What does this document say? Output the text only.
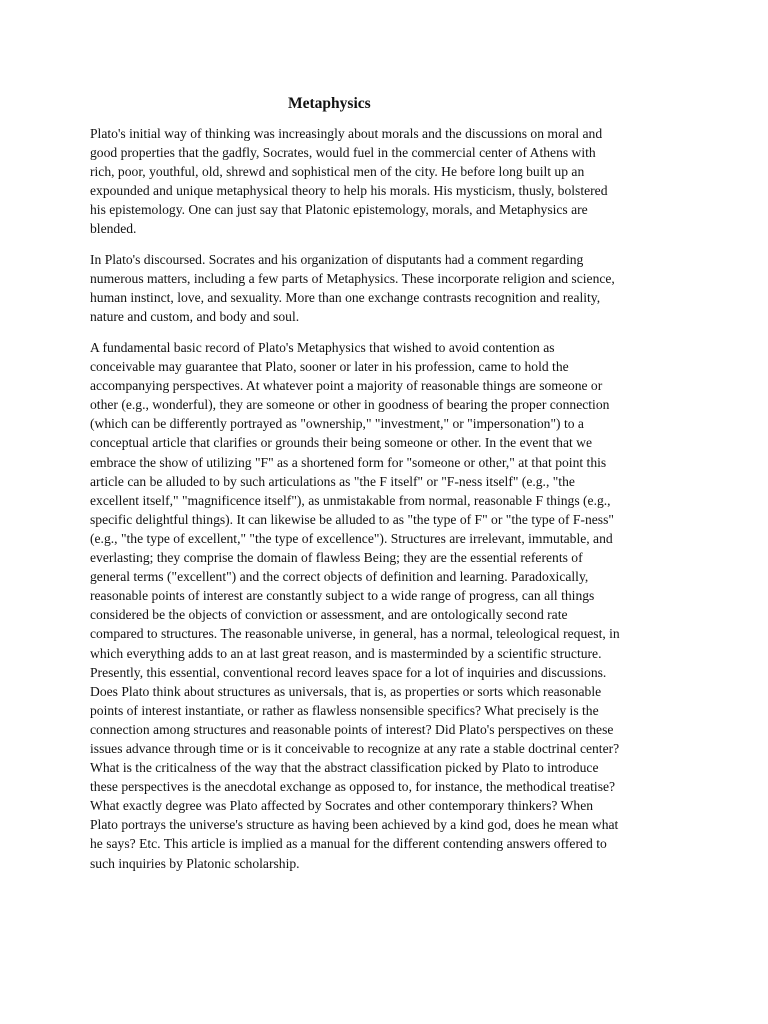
Metaphysics

Plato's initial way of thinking was increasingly about morals and the discussions on moral and
good properties that the gadfly, Socrates, would fuel in the commercial center of Athens with
rich, poor, youthful, old, shrewd and sophistical men of the city. He before long built up an
expounded and unique metaphysical theory to help his morals. His mysticism, thusly, bolstered
his epistemology. One can just say that Platonic epistemology, morals, and Metaphysics are
blended.

In Plato's discoursed. Socrates and his organization of disputants had a comment regarding
numerous matters, including a few parts of Metaphysics. These incorporate religion and science,
human instinct, love, and sexuality. More than one exchange contrasts recognition and reality,
nature and custom, and body and soul.

A fundamental basic record of Plato's Metaphysics that wished to avoid contention as
conceivable may guarantee that Plato, sooner or later in his profession, came to hold the
accompanying perspectives. At whatever point a majority of reasonable things are someone or
other (e.g., wonderful), they are someone or other in goodness of bearing the proper connection
(which can be differently portrayed as "ownership," "investment," or "impersonation") to a
conceptual article that clarifies or grounds their being someone or other. In the event that we
embrace the show of utilizing "F" as a shortened form for "someone or other," at that point this
article can be alluded to by such articulations as "the F itself" or "F-ness itself" (e.g., "the
excellent itself," "magnificence itself"), as unmistakable from normal, reasonable F things (e.g.,
specific delightful things). It can likewise be alluded to as "the type of F" or "the type of F-ness"
(e.g., "the type of excellent," "the type of excellence"). Structures are irrelevant, immutable, and
everlasting; they comprise the domain of flawless Being; they are the essential referents of
general terms ("excellent") and the correct objects of definition and learning. Paradoxically,
reasonable points of interest are constantly subject to a wide range of progress, can all things
considered be the objects of conviction or assessment, and are ontologically second rate
compared to structures. The reasonable universe, in general, has a normal, teleological request, in
which everything adds to an at last great reason, and is masterminded by a scientific structure.
Presently, this essential, conventional record leaves space for a lot of inquiries and discussions.
Does Plato think about structures as universals, that is, as properties or sorts which reasonable
points of interest instantiate, or rather as flawless nonsensible specifics? What precisely is the
connection among structures and reasonable points of interest? Did Plato's perspectives on these
issues advance through time or is it conceivable to recognize at any rate a stable doctrinal center?
What is the criticalness of the way that the abstract classification picked by Plato to introduce
these perspectives is the anecdotal exchange as opposed to, for instance, the methodical treatise?
What exactly degree was Plato affected by Socrates and other contemporary thinkers? When
Plato portrays the universe's structure as having been achieved by a kind god, does he mean what
he says? Etc. This article is implied as a manual for the different contending answers offered to
such inquiries by Platonic scholarship.
